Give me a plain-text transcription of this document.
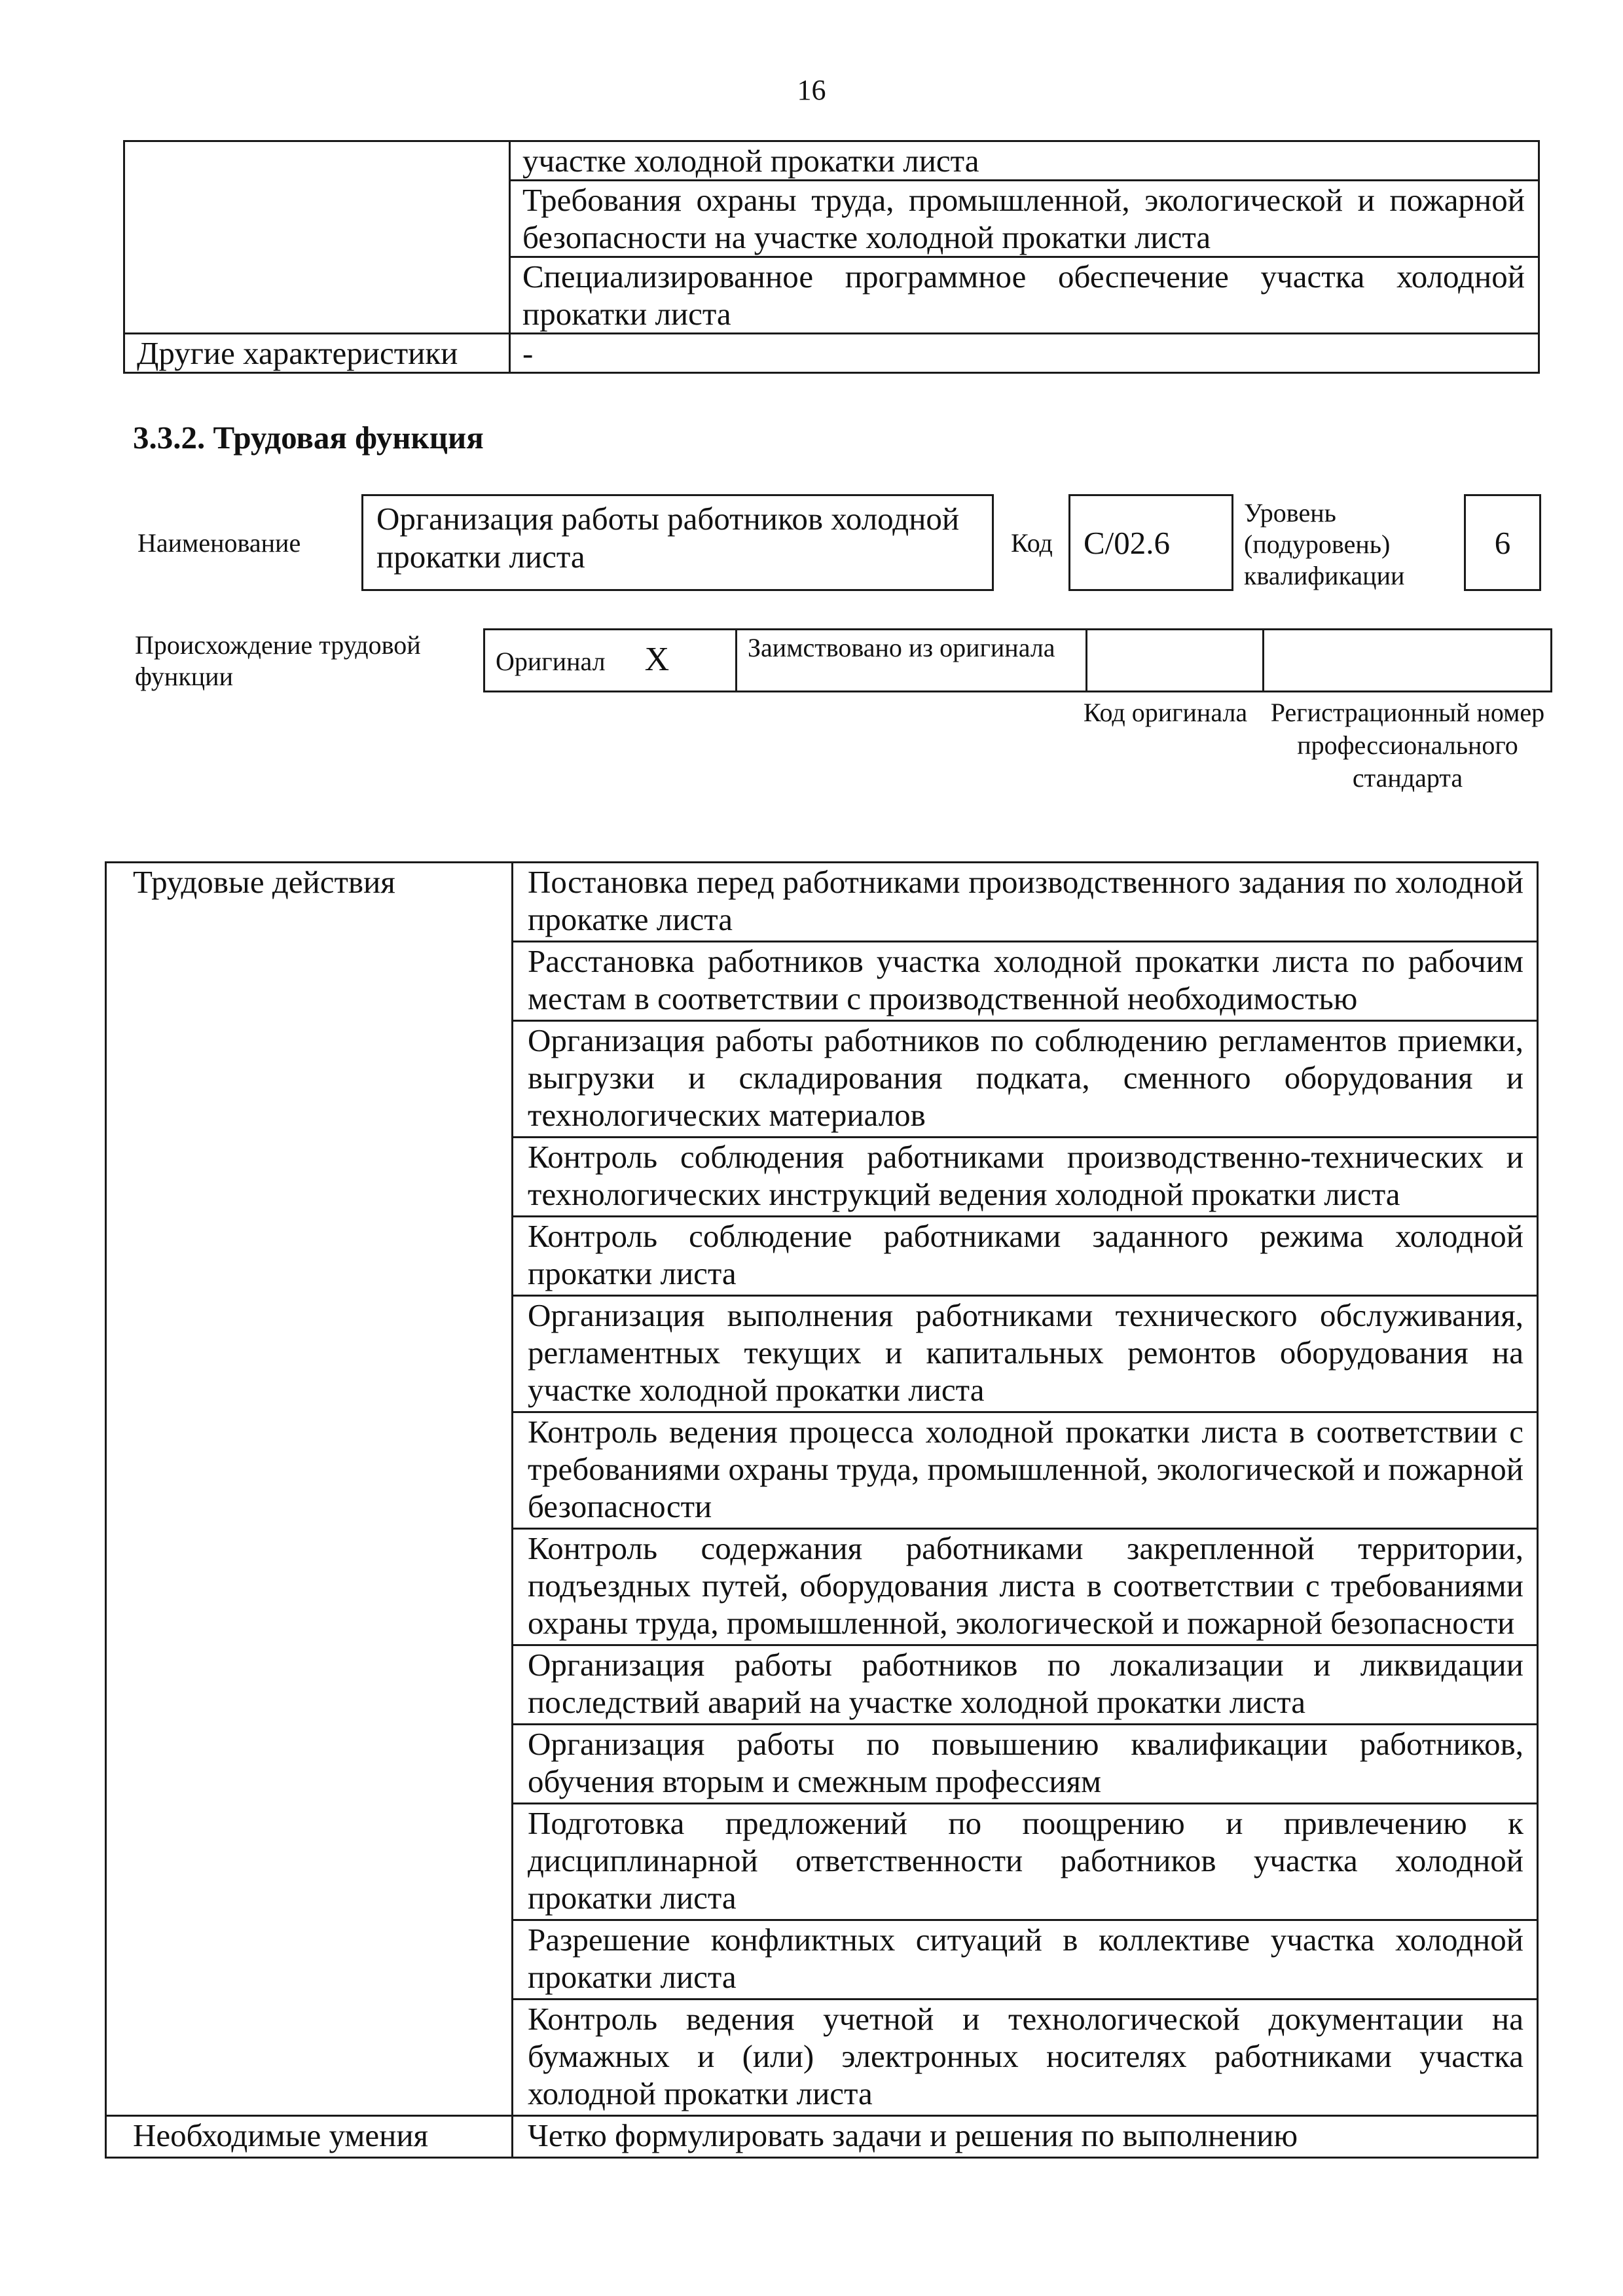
16
	участке холодной прокатки листа
	Требования охраны труда, промышленной, экологической и пожарной безопасности на участке холодной прокатки листа
	Специализированное программное обеспечение участка холодной прокатки листа
Другие характеристики	-
3.3.2. Трудовая функция
Наименование
Организация работы работников холодной прокатки листа	Код С/02.6
Уровень (подуровень) квалификации
6
Происхождение трудовой функции
Оригинал X	Заимствовано из оригинала		
Код оригинала Регистрационный номер профессионального стандарта
Трудовые действия	Постановка перед работниками производственного задания по холодной прокатке листа
	Расстановка работников участка холодной прокатки листа по рабочим местам в соответствии с производственной необходимостью
	Организация работы работников по соблюдению регламентов приемки, выгрузки и складирования подката, сменного оборудования и технологических материалов
	Контроль соблюдения работниками производственно-технических и технологических инструкций ведения холодной прокатки листа
	Контроль соблюдение работниками заданного режима холодной прокатки листа
	Организация выполнения работниками технического обслуживания, регламентных текущих и капитальных ремонтов оборудования на участке холодной прокатки листа
	Контроль ведения процесса холодной прокатки листа в соответствии с требованиями охраны труда, промышленной, экологической и пожарной безопасности
	Контроль содержания работниками закрепленной территории, подъездных путей, оборудования листа в соответствии с требованиями охраны труда, промышленной, экологической и пожарной безопасности
	Организация работы работников по локализации и ликвидации последствий аварий на участке холодной прокатки листа
	Организация работы по повышению квалификации работников, обучения вторым и смежным профессиям
	Подготовка предложений по поощрению и привлечению к дисциплинарной ответственности работников участка холодной прокатки листа
	Разрешение конфликтных ситуаций в коллективе участка холодной прокатки листа
	Контроль ведения учетной и технологической документации на бумажных и (или) электронных носителях работниками участка холодной прокатки листа
Необходимые умения	Четко формулировать задачи и решения по выполнению
